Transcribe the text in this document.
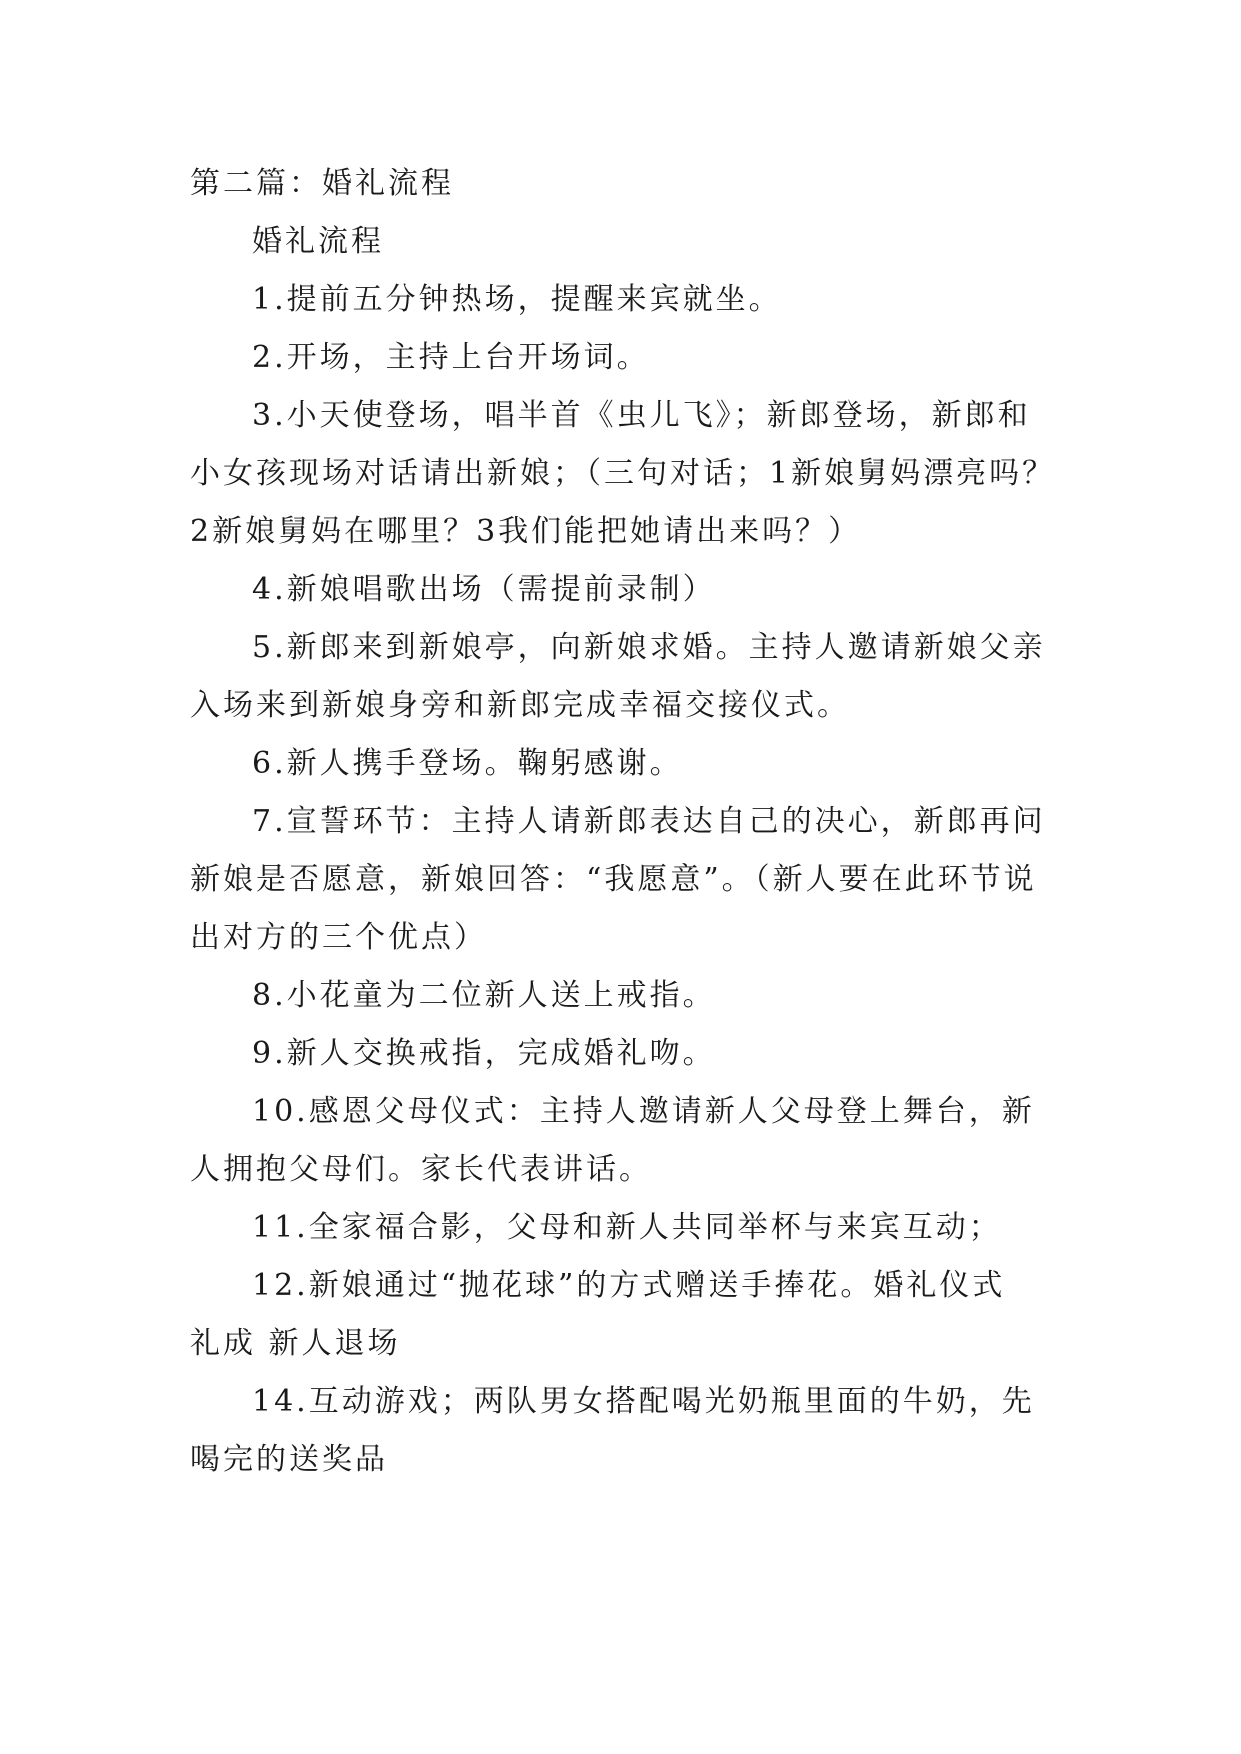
第二篇：婚礼流程
婚礼流程
1.提前五分钟热场，提醒来宾就坐。
2.开场，主持上台开场词。
3.小天使登场，唱半首《虫儿飞》；新郎登场，新郎和
小女孩现场对话请出新娘；（三句对话；1新娘舅妈漂亮吗？
2新娘舅妈在哪里？3我们能把她请出来吗？）
4.新娘唱歌出场（需提前录制）
5.新郎来到新娘亭，向新娘求婚。主持人邀请新娘父亲
入场来到新娘身旁和新郎完成幸福交接仪式。
6.新人携手登场。鞠躬感谢。
7.宣誓环节：主持人请新郎表达自己的决心，新郎再问
新娘是否愿意，新娘回答：“我愿意”。（新人要在此环节说
出对方的三个优点）
8.小花童为二位新人送上戒指。
9.新人交换戒指，完成婚礼吻。
10.感恩父母仪式：主持人邀请新人父母登上舞台，新
人拥抱父母们。家长代表讲话。
11.全家福合影，父母和新人共同举杯与来宾互动；
12.新娘通过“抛花球”的方式赠送手捧花。婚礼仪式
礼成 新人退场
14.互动游戏；两队男女搭配喝光奶瓶里面的牛奶，先
喝完的送奖品
